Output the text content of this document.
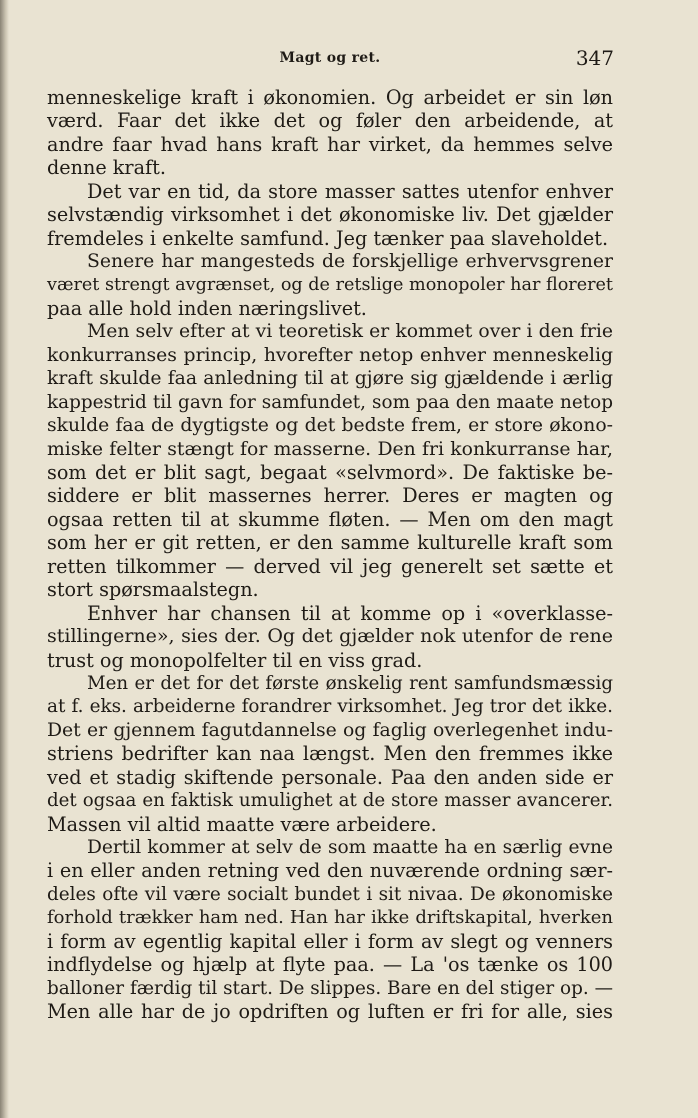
Magt og ret.	347
menneskelige kraft i økonomien. Og arbeidet er sin løn
værd. Faar det ikke det og føler den arbeidende, at
andre faar hvad hans kraft har virket, da hemmes selve
denne kraft.
Det var en tid, da store masser sattes utenfor enhver
selvstændig virksomhet i det økonomiske liv. Det gjælder
fremdeles i enkelte samfund. Jeg tænker paa slaveholdet.
Senere har mangesteds de forskjellige erhvervsgrener
været strengt avgrænset, og de retslige monopoler har floreret
paa alle hold inden næringslivet.
Men selv efter at vi teoretisk er kommet over i den frie
konkurranses princip, hvorefter netop enhver menneskelig
kraft skulde faa anledning til at gjøre sig gjældende i ærlig
kappestrid til gavn for samfundet, som paa den maate netop
skulde faa de dygtigste og det bedste frem, er store økono-
miske felter stængt for masserne. Den fri konkurranse har,
som det er blit sagt, begaat «selvmord». De faktiske be-
siddere er blit massernes herrer. Deres er magten og
ogsaa retten til at skumme fløten. — Men om den magt
som her er git retten, er den samme kulturelle kraft som
retten tilkommer — derved vil jeg generelt set sætte et
stort spørsmaalstegn.
Enhver har chansen til at komme op i «overklasse-
stillingerne», sies der. Og det gjælder nok utenfor de rene
trust og monopolfelter til en viss grad.
Men er det for det første ønskelig rent samfundsmæssig
at f. eks. arbeiderne forandrer virksomhet. Jeg tror det ikke.
Det er gjennem fagutdannelse og faglig overlegenhet indu-
striens bedrifter kan naa længst. Men den fremmes ikke
ved et stadig skiftende personale. Paa den anden side er
det ogsaa en faktisk umulighet at de store masser avancerer.
Massen vil altid maatte være arbeidere.
Dertil kommer at selv de som maatte ha en særlig evne
i en eller anden retning ved den nuværende ordning sær-
deles ofte vil være socialt bundet i sit nivaa. De økonomiske
forhold trækker ham ned. Han har ikke driftskapital, hverken
i form av egentlig kapital eller i form av slegt og venners
indflydelse og hjælp at flyte paa. — La 'os tænke os 100
balloner færdig til start. De slippes. Bare en del stiger op. —
Men alle har de jo opdriften og luften er fri for alle, sies
